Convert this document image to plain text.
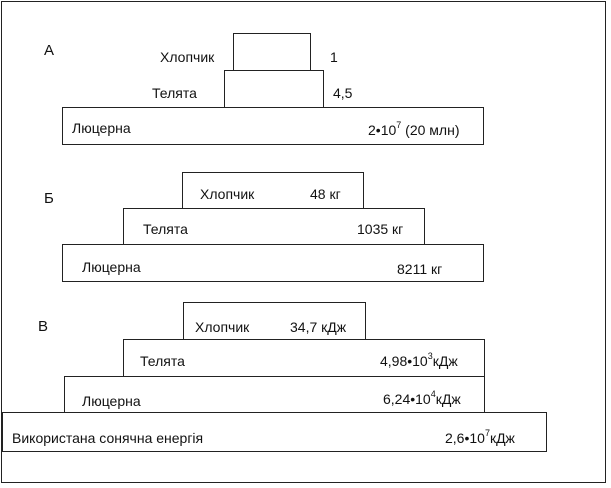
А	Хлопчик	1
Телята	4,5
Люцерна	$2•10^7$ (20 млн)
Б	Хлопчик	48 кг
Телята	1035 кг
Люцерна	8211 кг
В	Хлопчик	34,7 кДж
Телята	$4,98•10^3кДж$
Люцерна	$6,24•10^4кДж$
Використана сонячна енергія	$2,6•10^7кДж$
